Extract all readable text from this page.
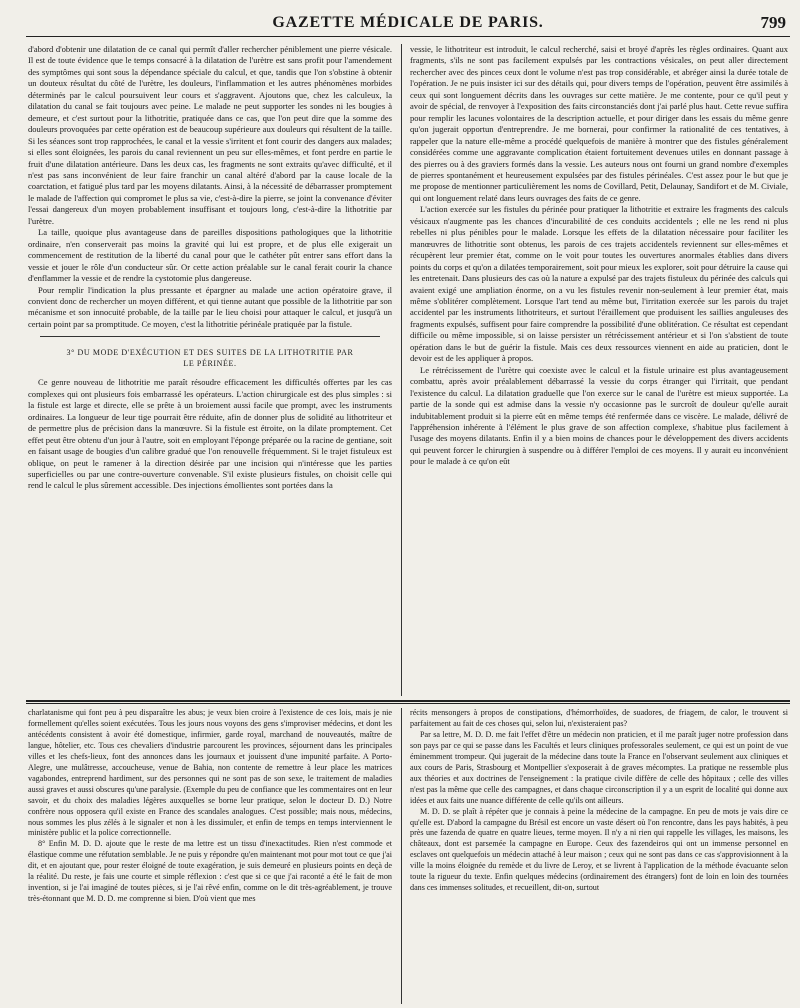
GAZETTE MÉDICALE DE PARIS.	799

d'abord d'obtenir une dilatation de ce canal qui permît d'aller rechercher péniblement une pierre vésicale. Il est de toute évidence que le temps consacré à la dilatation de l'urètre est sans profit pour l'amendement des symptômes qui sont sous la dépendance spéciale du calcul, et que, tandis que l'on s'obstine à obtenir un douteux résultat du côté de l'urètre, les douleurs, l'inflammation et les autres phénomènes morbides déterminés par le calcul poursuivent leur cours et s'aggravent. Ajoutons que, chez les calculeux, la dilatation du canal se fait toujours avec peine. Le malade ne peut supporter les sondes ni les bougies à demeure, et c'est surtout pour la lithotritie, pratiquée dans ce cas, que l'on peut dire que la somme des douleurs provoquées par cette opération est de beaucoup supérieure aux douleurs qui résultent de la taille. Si les séances sont trop rapprochées, le canal et la vessie s'irritent et font courir des dangers aux malades; si elles sont éloignées, les parois du canal reviennent un peu sur elles-mêmes, et font perdre en partie le fruit d'une dilatation antérieure. Dans les deux cas, les fragments ne sont extraits qu'avec difficulté, et il n'est pas sans inconvénient de leur faire franchir un canal altéré d'abord par la cause locale de la coarctation, et fatigué plus tard par les moyens dilatants. Ainsi, à la nécessité de débarrasser promptement le malade de l'affection qui compromet le plus sa vie, c'est-à-dire la pierre, se joint la convenance d'éviter l'essai dangereux d'un moyen probablement insuffisant et toujours long, c'est-à-dire la lithotritie par l'urètre.

La taille, quoique plus avantageuse dans de pareilles dispositions pathologiques que la lithotritie ordinaire, n'en conserverait pas moins la gravité qui lui est propre, et de plus elle exigerait un commencement de restitution de la liberté du canal pour que le cathéter pût entrer sans effort dans la vessie et jouer le rôle d'un conducteur sûr. Or cette action préalable sur le canal ferait courir la chance d'enflammer la vessie et de rendre la cystotomie plus dangereuse.

Pour remplir l'indication la plus pressante et épargner au malade une action opératoire grave, il convient donc de rechercher un moyen différent, et qui tienne autant que possible de la lithotritie par son mécanisme et son innocuité probable, de la taille par le lieu choisi pour attaquer le calcul, et jusqu'à un certain point par sa promptitude. Ce moyen, c'est la lithotritie périnéale pratiquée par la fistule.

3° DU MODE D'EXÉCUTION ET DES SUITES DE LA LITHOTRITIE PAR
LE PÉRINÉE.

Ce genre nouveau de lithotritie me paraît résoudre efficacement les difficultés offertes par les cas complexes qui ont plusieurs fois embarrassé les opérateurs. L'action chirurgicale est des plus simples : si la fistule est large et directe, elle se prête à un broiement aussi facile que prompt, avec les instruments ordinaires. La longueur de leur tige pourrait être réduite, afin de donner plus de solidité au lithotriteur et de permettre plus de précision dans la manœuvre. Si la fistule est étroite, on la dilate promptement. Cet effet peut être obtenu d'un jour à l'autre, soit en employant l'éponge préparée ou la racine de gentiane, soit en faisant usage de bougies d'un calibre gradué que l'on renouvelle fréquemment. Si le trajet fistuleux est oblique, on peut le ramener à la direction désirée par une incision qui n'intéresse que les parties superficielles ou par une contre-ouverture convenable. S'il existe plusieurs fistules, on choisit celle qui rend le calcul le plus sûrement accessible. Des injections émollientes sont portées dans la

vessie, le lithotriteur est introduit, le calcul recherché, saisi et broyé d'après les règles ordinaires. Quant aux fragments, s'ils ne sont pas facilement expulsés par les contractions vésicales, on peut aller directement rechercher avec des pinces ceux dont le volume n'est pas trop considérable, et abréger ainsi la durée totale de l'opération. Je ne puis insister ici sur des détails qui, pour divers temps de l'opération, peuvent être assimilés à ceux qui sont longuement décrits dans les ouvrages sur cette matière. Je me contente, pour ce qu'il peut y avoir de spécial, de renvoyer à l'exposition des faits circonstanciés dont j'ai parlé plus haut. Cette revue suffira pour remplir les lacunes volontaires de la description actuelle, et pour diriger dans les essais du même genre qu'on jugerait opportun d'entreprendre. Je me bornerai, pour confirmer la rationalité de ces tentatives, à rappeler que la nature elle-même a procédé quelquefois de manière à montrer que des fistules généralement considérées comme une aggravante complication étaient fortuitement devenues utiles en donnant passage à des pierres ou à des graviers formés dans la vessie. Les auteurs nous ont fourni un grand nombre d'exemples de pierres spontanément et heureusement expulsées par des fistules périnéales. C'est assez pour le but que je me propose de mentionner particulièrement les noms de Covillard, Petit, Delaunay, Sandifort et de M. Civiale, qui ont longuement relaté dans leurs ouvrages des faits de ce genre.

L'action exercée sur les fistules du périnée pour pratiquer la lithotritie et extraire les fragments des calculs vésicaux n'augmente pas les chances d'incurabilité de ces conduits accidentels ; elle ne les rend ni plus rebelles ni plus pénibles pour le malade. Lorsque les effets de la dilatation nécessaire pour faciliter les manœuvres de lithotritie sont obtenus, les parois de ces trajets accidentels reviennent sur elles-mêmes et récupèrent leur premier état, comme on le voit pour toutes les ouvertures anormales établies dans divers points du corps et qu'on a dilatées temporairement, soit pour mieux les explorer, soit pour détruire la cause qui les entretenait. Dans plusieurs des cas où la nature a expulsé par des trajets fistuleux du périnée des calculs qui avaient exigé une ampliation énorme, on a vu les fistules revenir non-seulement à leur premier état, mais même s'oblitérer complètement. Lorsque l'art tend au même but, l'irritation exercée sur les parois du trajet accidentel par les instruments lithotriteurs, et surtout l'éraillement que produisent les saillies anguleuses des fragments expulsés, suffisent pour faire comprendre la possibilité d'une oblitération. Ce résultat est cependant difficile ou même impossible, si on laisse persister un rétrécissement antérieur et si l'on s'abstient de toute opération dans le but de guérir la fistule. Mais ces deux ressources viennent en aide au praticien, dont le devoir est de les appliquer à propos.

Le rétrécissement de l'urètre qui coexiste avec le calcul et la fistule urinaire est plus avantageusement combattu, après avoir préalablement débarrassé la vessie du corps étranger qui l'irritait, que pendant l'existence du calcul. La dilatation graduelle que l'on exerce sur le canal de l'urètre est mieux supportée. La partie de la sonde qui est admise dans la vessie n'y occasionne pas le surcroît de douleur qu'elle aurait indubitablement produit si la pierre eût en même temps été renfermée dans ce viscère. Le malade, délivré de l'appréhension inhérente à l'élément le plus grave de son affection complexe, s'habitue plus facilement à l'usage des moyens dilatants. Enfin il y a bien moins de chances pour le développement des divers accidents qui peuvent forcer le chirurgien à suspendre ou à différer l'emploi de ces moyens. Il y aurait eu inconvénient pour le malade à ce qu'on eût

charlatanisme qui font peu à peu disparaître les abus; je veux bien croire à l'existence de ces lois, mais je nie formellement qu'elles soient exécutées. Tous les jours nous voyons des gens s'improviser médecins, et dont les antécédents consistent à avoir été domestique, infirmier, garde royal, marchand de nouveautés, maître de langue, hôtelier, etc. Tous ces chevaliers d'industrie parcourent les provinces, séjournent dans les principales villes et les chefs-lieux, font des annonces dans les journaux et jouissent d'une impunité parfaite. A Porto-Alegre, une mulâtresse, accoucheuse, venue de Bahia, non contente de remettre à leur place les matrices vagabondes, entreprend hardiment, sur des personnes qui ne sont pas de son sexe, le traitement de maladies aussi graves et aussi obscures qu'une paralysie. (Exemple du peu de confiance que les commentaires ont en leur savoir, et du choix des maladies légères auxquelles se borne leur pratique, selon le docteur D. D.) Notre confrère nous opposera qu'il existe en France des scandales analogues. C'est possible; mais nous, médecins, nous sommes les plus zélés à le signaler et non à les dissimuler, et enfin de temps en temps interviennent le ministère public et la police correctionnelle.

8° Enfin M. D. D. ajoute que le reste de ma lettre est un tissu d'inexactitudes. Rien n'est commode et élastique comme une réfutation semblable. Je ne puis y répondre qu'en maintenant mot pour mot tout ce que j'ai dit, et en ajoutant que, pour rester éloigné de toute exagération, je suis demeuré en plusieurs points en deçà de la réalité. Du reste, je fais une courte et simple réflexion : c'est que si ce que j'ai raconté a été le fait de mon invention, si je l'ai imaginé de toutes pièces, si je l'ai rêvé enfin, comme on le dit très-agréablement, je trouve très-étonnant que M. D. D. me comprenne si bien. D'où vient que mes

récits mensongers à propos de constipations, d'hémorrhoïdes, de suadores, de friagem, de calor, le trouvent si parfaitement au fait de ces choses qui, selon lui, n'existeraient pas?

Par sa lettre, M. D. D. me fait l'effet d'être un médecin non praticien, et il me paraît juger notre profession dans son pays par ce qui se passe dans les Facultés et leurs cliniques professorales seulement, ce qui est un point de vue éminemment trompeur. Qui jugerait de la médecine dans toute la France en l'observant seulement aux cliniques et aux cours de Paris, Strasbourg et Montpellier s'exposerait à de graves mécomptes. La pratique ne ressemble plus aux théories et aux doctrines de l'enseignement : la pratique civile diffère de celle des hôpitaux ; celle des villes n'est pas la même que celle des campagnes, et dans chaque circonscription il y a un esprit de localité qui donne aux idées et aux faits une nuance différente de celle qu'ils ont ailleurs.

M. D. D. se plaît à répéter que je connais à peine la médecine de la campagne. En peu de mots je vais dire ce qu'elle est. D'abord la campagne du Brésil est encore un vaste désert où l'on rencontre, dans les pays habités, à peu près une fazenda de quatre en quatre lieues, terme moyen. Il n'y a ni rien qui rappelle les villages, les maisons, les châteaux, dont est parsemée la campagne en Europe. Ceux des fazendeiros qui ont un immense personnel en esclaves ont quelquefois un médecin attaché à leur maison ; ceux qui ne sont pas dans ce cas s'approvisionnent à la ville la moins éloignée du remède et du livre de Leroy, et se livrent à l'application de la méthode évacuante selon toute la rigueur du texte. Enfin quelques médecins (ordinairement des étrangers) font de loin en loin des tournées dans ces immenses solitudes, et recueillent, dit-on, surtout
